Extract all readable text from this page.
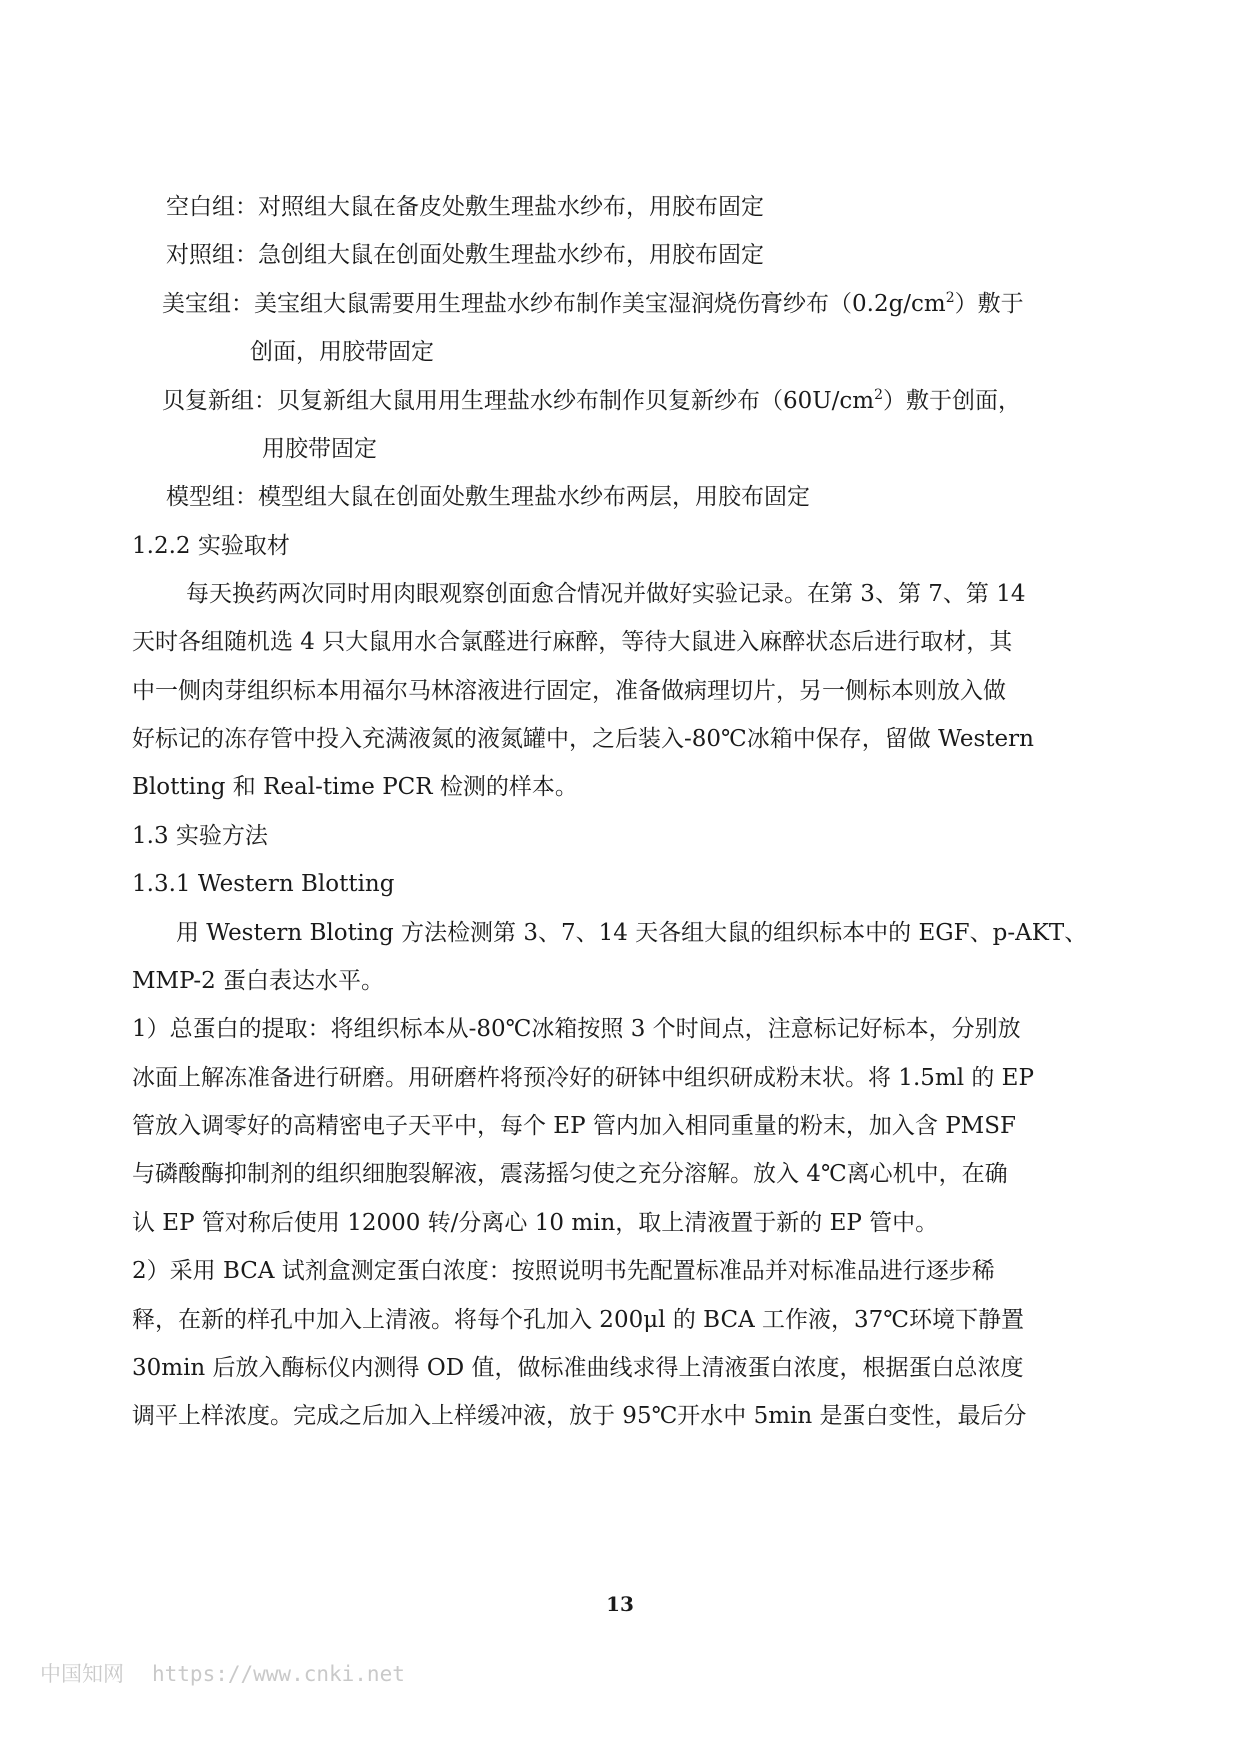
空白组：对照组大鼠在备皮处敷生理盐水纱布，用胶布固定
对照组：急创组大鼠在创面处敷生理盐水纱布，用胶布固定
美宝组：美宝组大鼠需要用生理盐水纱布制作美宝湿润烧伤膏纱布$(0.2g/cm^2)$敷于
创面，用胶带固定
贝复新组：贝复新组大鼠用用生理盐水纱布制作贝复新纱布$(60U/cm^2)$敷于创面，
用胶带固定
模型组：模型组大鼠在创面处敷生理盐水纱布两层，用胶布固定
1.2.2 实验取材
每天换药两次同时用肉眼观察创面愈合情况并做好实验记录。在第 3、第 7、第 14
天时各组随机选 4 只大鼠用水合氯醛进行麻醉，等待大鼠进入麻醉状态后进行取材，其
中一侧肉芽组织标本用福尔马林溶液进行固定，准备做病理切片，另一侧标本则放入做
好标记的冻存管中投入充满液氮的液氮罐中，之后装入-80℃冰箱中保存，留做 Western
Blotting 和 Real-time PCR 检测的样本。
1.3 实验方法
1.3.1 Western Blotting
用 Western Bloting 方法检测第 3、7、14 天各组大鼠的组织标本中的 EGF、p-AKT、
MMP-2 蛋白表达水平。
1）总蛋白的提取：将组织标本从-80℃冰箱按照 3 个时间点，注意标记好标本，分别放
冰面上解冻准备进行研磨。用研磨杵将预冷好的研钵中组织研成粉末状。将 1.5ml 的 EP
管放入调零好的高精密电子天平中，每个 EP 管内加入相同重量的粉末，加入含 PMSF
与磷酸酶抑制剂的组织细胞裂解液，震荡摇匀使之充分溶解。放入 4℃离心机中，在确
认 EP 管对称后使用 12000 转/分离心 10 min，取上清液置于新的 EP 管中。
2）采用 BCA 试剂盒测定蛋白浓度：按照说明书先配置标准品并对标准品进行逐步稀
释，在新的样孔中加入上清液。将每个孔加入 200μl 的 BCA 工作液，37℃环境下静置
30min 后放入酶标仪内测得 OD 值，做标准曲线求得上清液蛋白浓度，根据蛋白总浓度
调平上样浓度。完成之后加入上样缓冲液，放于 95℃开水中 5min 是蛋白变性，最后分
13
中国知网 https://www.cnki.net
